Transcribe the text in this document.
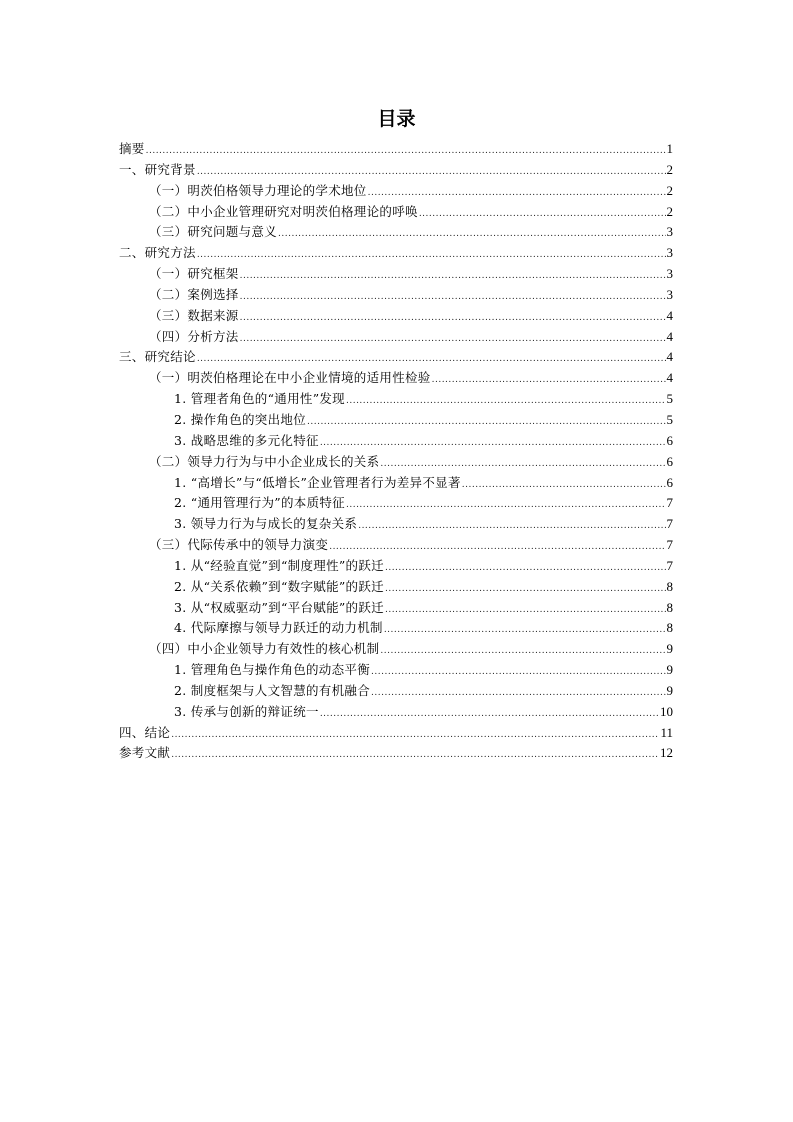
目录
摘要 .....	1
一、研究背景 .....	2
（一）明茨伯格领导力理论的学术地位 .....	2
（二）中小企业管理研究对明茨伯格理论的呼唤 .....	2
（三）研究问题与意义 .....	3
二、研究方法 .....	3
（一）研究框架 .....	3
（二）案例选择 .....	3
（三）数据来源 .....	4
（四）分析方法 .....	4
三、研究结论 .....	4
（一）明茨伯格理论在中小企业情境的适用性检验 .....	4
1. 管理者角色的“通用性”发现 .....	5
2. 操作角色的突出地位 .....	5
3. 战略思维的多元化特征 .....	6
（二）领导力行为与中小企业成长的关系 .....	6
1. “高增长”与“低增长”企业管理者行为差异不显著 .....	6
2. “通用管理行为”的本质特征 .....	7
3. 领导力行为与成长的复杂关系 .....	7
（三）代际传承中的领导力演变 .....	7
1. 从“经验直觉”到“制度理性”的跃迁 .....	7
2. 从“关系依赖”到“数字赋能”的跃迁 .....	8
3. 从“权威驱动”到“平台赋能”的跃迁 .....	8
4. 代际摩擦与领导力跃迁的动力机制 .....	8
（四）中小企业领导力有效性的核心机制 .....	9
1. 管理角色与操作角色的动态平衡 .....	9
2. 制度框架与人文智慧的有机融合 .....	9
3. 传承与创新的辩证统一 .....	10
四、结论 .....	11
参考文献 .....	12
